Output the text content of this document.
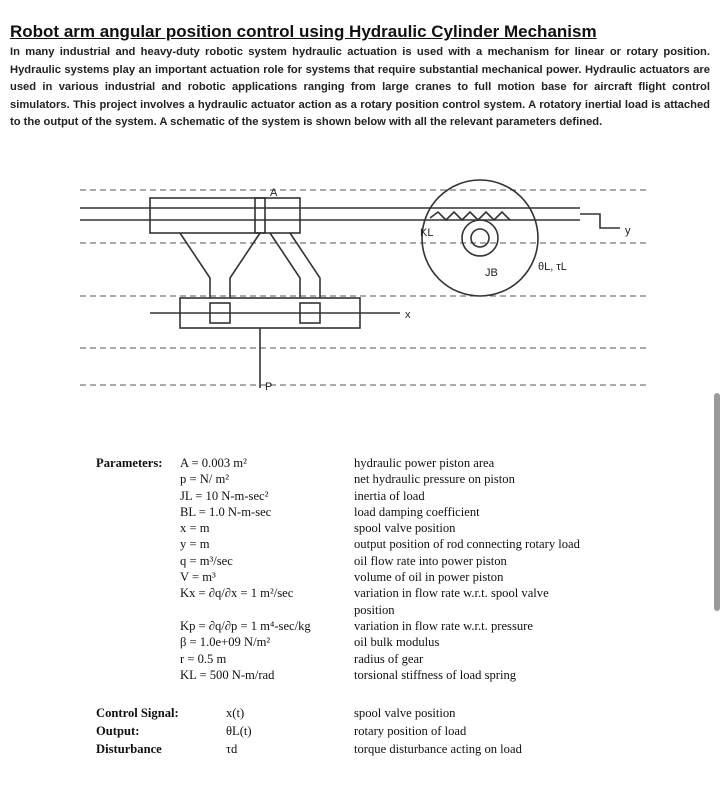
Robot arm angular position control using Hydraulic Cylinder Mechanism

In many industrial and heavy-duty robotic system hydraulic actuation is used with a mechanism for linear or rotary position. Hydraulic systems play an important actuation role for systems that require substantial mechanical power. Hydraulic actuators are used in various industrial and robotic applications ranging from large cranes to full motion base for aircraft flight control simulators. This project involves a hydraulic actuator action as a rotary position control system. A rotatory inertial load is attached to the output of the system. A schematic of the system is shown below with all the relevant parameters defined.

A
y
x
P
KL
JB	θL, τL
Parameters:	A = 0.003 m²	hydraulic power piston area
p = N/ m²	net hydraulic pressure on piston
JL = 10 N-m-sec²	inertia of load
BL = 1.0 N-m-sec	load damping coefficient
x = m	spool valve position
y = m	output position of rod connecting rotary load
q = m³/sec	oil flow rate into power piston
V = m³	volume of oil in power piston
Kx = ∂q/∂x = 1 m²/sec	variation in flow rate w.r.t. spool valve
position
Kp = ∂q/∂p = 1 m⁴-sec/kg	variation in flow rate w.r.t. pressure
β = 1.0e+09 N/m²	oil bulk modulus
r = 0.5 m	radius of gear
KL = 500 N-m/rad	torsional stiffness of load spring
Control Signal:	x(t)	spool valve position
Output:	θL(t)	rotary position of load
Disturbance	τd	torque disturbance acting on load
